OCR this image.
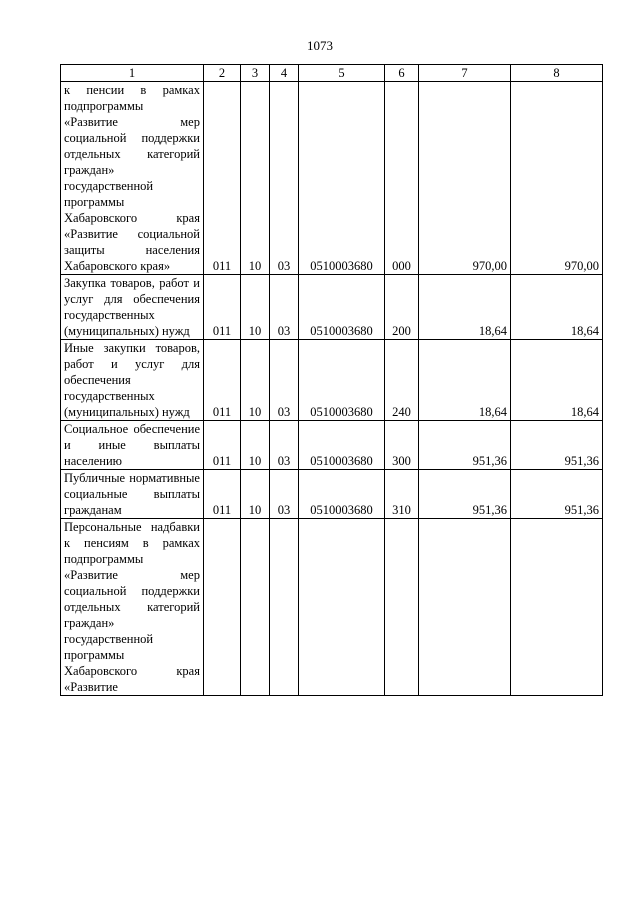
1073
1	2	3	4	5	6	7	8
к пенсии в рамках подпрограммы «Развитие мер социальной поддержки отдельных категорий граждан» государственной программы Хабаровского края «Развитие социальной защиты населения Хабаровского края»	011	10	03	0510003680	000	970,00	970,00
Закупка товаров, работ и услуг для обеспечения государственных (муниципальных) нужд	011	10	03	0510003680	200	18,64	18,64
Иные закупки товаров, работ и услуг для обеспечения государственных (муниципальных) нужд	011	10	03	0510003680	240	18,64	18,64
Социальное обеспечение и иные выплаты населению	011	10	03	0510003680	300	951,36	951,36
Публичные нормативные социальные выплаты гражданам	011	10	03	0510003680	310	951,36	951,36
Персональные надбавки к пенсиям в рамках подпрограммы «Развитие мер социальной поддержки отдельных категорий граждан» государственной программы Хабаровского края «Развитие							
